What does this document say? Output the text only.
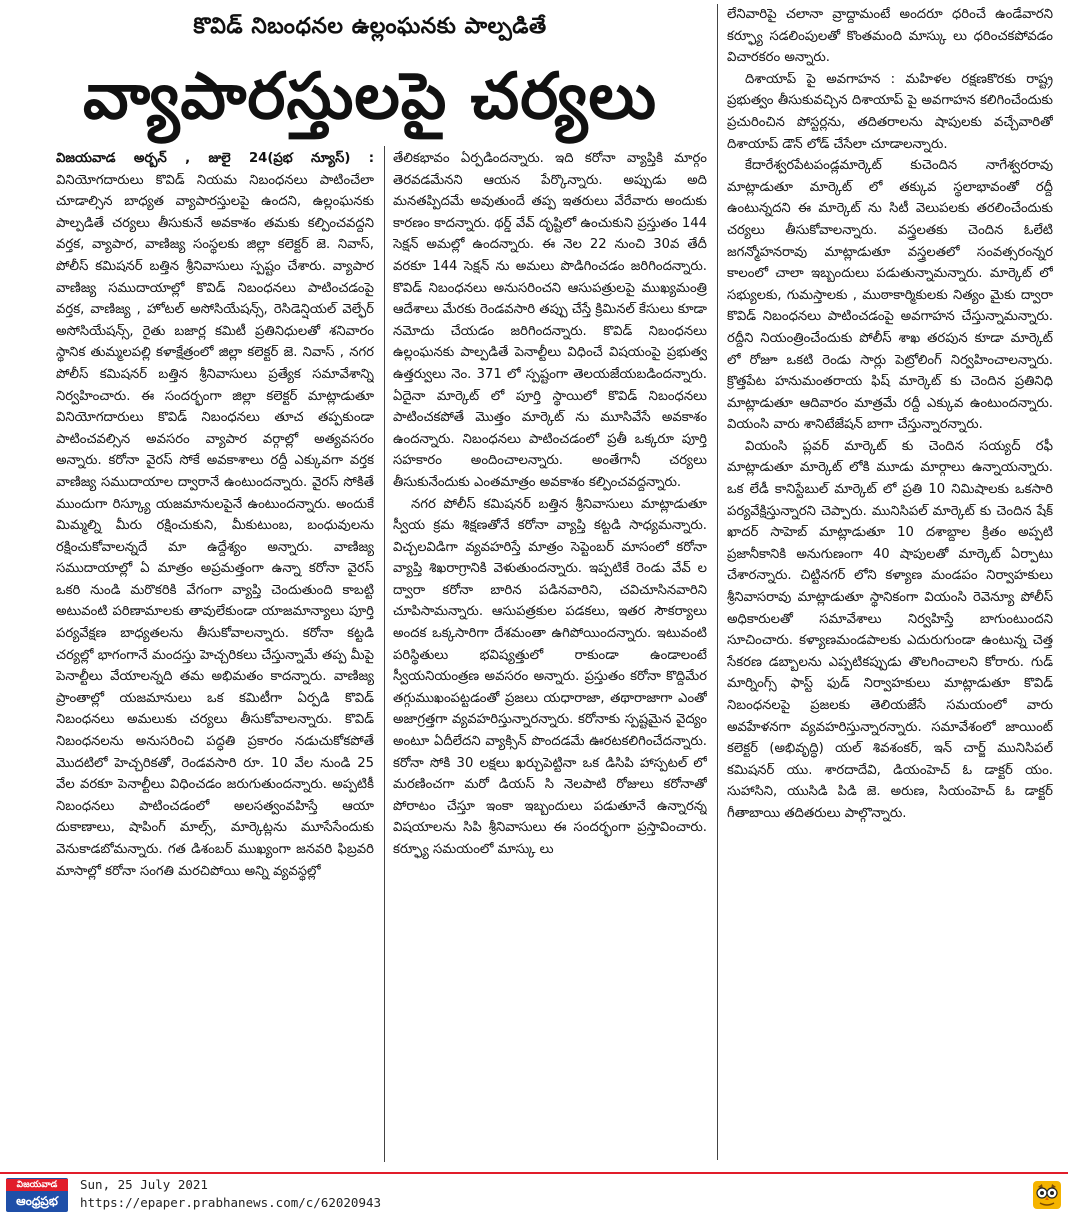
కొవిడ్ నిబంధనల ఉల్లంఘనకు పాల్పడితే
వ్యాపారస్తులపై చర్యలు

విజయవాడ అర్బన్ , జులై 24(ప్రభ న్యూస్) : వినియోగదారులు కొవిడ్ నియమ నిబంధనలు పాటించేలా చూడాల్సిన బాధ్యత వ్యాపారస్తులపై ఉందని, ఉల్లంఘనకు పాల్పడితే చర్యలు తీసుకునే అవకాశం తమకు కల్పించవద్దని వర్తక, వ్యాపార, వాణిజ్య సంస్థలకు జిల్లా కలెక్టర్ జె. నివాస్, పోలీస్ కమిషనర్ బత్తిన శ్రీనివాసులు స్పష్టం చేశారు. వ్యాపార వాణిజ్య సముదాయాల్లో కొవిడ్ నిబంధనలు పాటించడంపై వర్తక, వాణిజ్య , హోటల్ అసోసియేషన్స్, రెసిడెన్షియల్ వెల్ఫేర్ అసోసియేషన్స్, రైతు బజార్ల కమిటీ ప్రతినిధులతో శనివారం స్థానిక తుమ్మలపల్లి కళాక్షేత్రంలో జిల్లా కలెక్టర్ జె. నివాస్ , నగర పోలీస్ కమిషనర్ బత్తిన శ్రీనివాసులు ప్రత్యేక సమావేశాన్ని నిర్వహించారు. ఈ సందర్భంగా జిల్లా కలెక్టర్ మాట్లాడుతూ వినియోగదారులు కొవిడ్ నిబంధనలు తూచ తప్పకుండా పాటించవల్సిన అవసరం వ్యాపార వర్గాల్లో అత్యవసరం అన్నారు. కరోనా వైరస్ సోకే అవకాశాలు రద్దీ ఎక్కువగా వర్తక వాణిజ్య సముదాయాల ద్వారానే ఉంటుందన్నారు. వైరస్ సోకితే ముందుగా రిస్క్యూ యజమానులపైనే ఉంటుందన్నారు. అందుకే మిమ్మల్ని మీరు రక్షించుకుని, మీకుటుంబ, బంధువులను రక్షించుకోవాలన్నదే మా ఉద్దేశ్యం అన్నారు. వాణిజ్య సముదాయాల్లో ఏ మాత్రం అప్రమత్తంగా ఉన్నా కరోనా వైరస్ ఒకరి నుండి మరొకరికి వేగంగా వ్యాప్తి చెందుతుంది కాబట్టి అటువంటి పరిణామాలకు తావులేకుండా యాజమాన్యాలు పూర్తి పర్యవేక్షణ బాధ్యతలను తీసుకోవాలన్నారు. కరోనా కట్టడి చర్యల్లో భాగంగానే మందస్తు హెచ్చరికలు చేస్తున్నామే తప్ప మీపై పెనాల్టీలు వేయాలన్నది తమ అభిమతం కాదన్నారు. వాణిజ్య ప్రాంతాల్లో యజమానులు ఒక కమిటీగా ఏర్పడి కొవిడ్ నిబంధనలు అమలుకు చర్యలు తీసుకోవాలన్నారు. కొవిడ్ నిబంధనలను అనుసరించి పద్ధతి ప్రకారం నడుచుకోకపోతే మొదటిలో హెచ్చరికతో, రెండవసారి రూ. 10 వేల నుండి 25 వేల వరకూ పెనాల్టీలు విధించడం జరుగుతుందన్నారు. అప్పటికీ నిబంధనలు పాటించడంలో అలసత్వంవహిస్తే ఆయా దుకాణాలు, షాపింగ్ మాల్స్, మార్కెట్లను మూసేసేందుకు వెనుకాడబోమన్నారు. గత డిశంబర్ ముఖ్యంగా జనవరి ఫిబ్రవరి మాసాల్లో కరోనా సంగతి మరచిపోయి అన్ని వ్యవస్థల్లో

తేలికభావం ఏర్పడిందన్నారు. ఇది కరోనా వ్యాప్తికి మార్గం తెరవడమేనని ఆయన పేర్కొన్నారు. అప్పుడు అది మనతప్పిదమే అవుతుందే తప్ప ఇతరులు వేరేవారు అందుకు కారణం కాదన్నారు. థర్డ్ వేవ్ దృష్టిలో ఉంచుకుని ప్రస్తుతం 144 సెక్షన్ అమల్లో ఉందన్నారు. ఈ నెల 22 నుంచి 30వ తేదీ వరకూ 144 సెక్షన్ ను అమలు పొడిగించడం జరిగిందన్నారు. కొవిడ్ నిబంధనలు అనుసరించని ఆసుపత్రులపై ముఖ్యమంత్రి ఆదేశాలు మేరకు రెండవసారి తప్పు చేస్తే క్రిమినల్ కేసులు కూడా నమోదు చేయడం జరిగిందన్నారు. కొవిడ్ నిబంధనలు ఉల్లంఘనకు పాల్పడితే పెనాల్టీలు విధించే విషయంపై ప్రభుత్వ ఉత్తర్వులు నెం. 371 లో స్పష్టంగా తెలయజేయబడిందన్నారు. ఏదైనా మార్కెట్ లో పూర్తి స్థాయిలో కొవిడ్ నిబంధనలు పాటించకపోతే మొత్తం మార్కెట్ ను మూసివేసే అవకాశం ఉందన్నారు. నిబంధనలు పాటించడంలో ప్రతీ ఒక్కరూ పూర్తి సహకారం అందించాలన్నారు. అంతేగానీ చర్యలు తీసుకునేందుకు ఎంతమాత్రం అవకాశం కల్పించవద్దన్నారు.

నగర పోలీస్ కమిషనర్ బత్తిన శ్రీనివాసులు మాట్లాడుతూ స్వీయ క్రమ శిక్షణతోనే కరోనా వ్యాప్తి కట్టడి సాధ్యమన్నారు. విచ్చలవిడిగా వ్యవహరిస్తే మాత్రం సెప్టెంబర్ మాసంలో కరోనా వ్యాప్తి శిఖరాగ్రానికి వెళుతుందన్నారు. ఇప్పటికే రెండు వేవ్ ల ద్వారా కరోనా బారిన పడినవారిని, చవిచూసినవారిని చూపిసామన్నారు. ఆసుపత్రకుల పడకలు, ఇతర సౌకర్యాలు అందక ఒక్కసారిగా దేశమంతా ఉగిపోయిందన్నారు. ఇటువంటి పరిస్థితులు భవిష్యత్తులో రాకుండా ఉండాలంటే స్వీయనియంత్రణ అవసరం అన్నారు. ప్రస్తుతం కరోనా కొద్దిమేర తగ్గుముఖంపట్టడంతో ప్రజలు యధారాజా, తథారాజాగా ఎంతో అజాగ్రత్తగా వ్యవహరిస్తున్నారన్నారు. కరోనాకు స్పష్టమైన వైద్యం అంటూ ఏదీలేదని వ్యాక్సిన్ పొందడమే ఊరటకలిగించేదన్నారు. కరోనా సోకి 30 లక్షలు ఖర్చుపెట్టినా ఒక డిసిపి హాస్పటల్ లో మరణించగా మరో డియస్ సి నెలపాటి రోజులు కరోనాతో పోరాటం చేస్తూ ఇంకా ఇబ్బందులు పడుతూనే ఉన్నారన్న విషయాలను సిపి శ్రీనివాసులు ఈ సందర్భంగా ప్రస్తావించారు. కర్ఫ్యూ సమయంలో మాస్కు లు

లేనివారిపై చలానా వ్రాద్దామంటే అందరూ ధరించే ఉండేవారని కర్ఫ్యూ సడలింపులతో కొంతమంది మాస్కు లు ధరించకపోవడం విచారకరం అన్నారు.

దిశాయాప్ పై అవగాహన : మహిళల రక్షణకొరకు రాష్ట్ర ప్రభుత్వం తీసుకువచ్చిన దిశాయాప్ పై అవగాహన కలిగించేందుకు ప్రచురించిన పోస్టర్లను, తదితరాలను షాపులకు వచ్చేవారితో దిశాయాప్ డౌన్ లోడ్ చేసేలా చూడాలన్నారు.

కేదారేశ్వరపేటపండ్లమార్కెట్ కుచెందిన నాగేశ్వరరావు మాట్లాడుతూ మార్కెట్ లో తక్కువ స్థలాభావంతో రద్దీ ఉంటున్నదని ఈ మార్కెట్ ను సిటీ వెలుపలకు తరలించేందుకు చర్యలు తీసుకోవాలన్నారు. వస్త్రలతకు చెందిన ఓలేటి జగన్మోహనరావు మాట్లాడుతూ వస్త్రలతలో సంవత్సరంన్నర కాలంలో చాలా ఇబ్బందులు పడుతున్నామన్నారు. మార్కెట్ లో సభ్యులకు, గుమస్తాలకు , ముఠాకార్మికులకు నిత్యం మైకు ద్వారా కొవిడ్ నిబంధనలు పాటించడంపై అవగాహన చేస్తున్నామన్నారు. రద్దీని నియంత్రించేందుకు పోలీస్ శాఖ తరపున కూడా మార్కెట్ లో రోజూ ఒకటి రెండు సార్లు పెట్రోలింగ్ నిర్వహించాలన్నారు. క్రొత్తపేట హనుమంతరాయ ఫిష్ మార్కెట్ కు చెందిన ప్రతినిధి మాట్లాడుతూ ఆదివారం మాత్రమే రద్దీ ఎక్కువ ఉంటుందన్నారు. వియంసి వారు శానిటేజేషన్ బాగా చేస్తున్నారన్నారు.

వియంసి ప్లవర్ మార్కెట్ కు చెందిన సయ్యద్ రఫీ మాట్లాడుతూ మార్కెట్ లోకి మూడు మార్గాలు ఉన్నాయన్నారు. ఒక లేడీ కానిస్టేబుల్ మార్కెట్ లో ప్రతి 10 నిమిషాలకు ఒకసారి పర్యవేక్షిస్తున్నారని చెప్పారు. మునిసిపల్ మార్కెట్ కు చెందిన షేక్ ఖాదర్ సాహెబ్ మాట్లాడుతూ 10 దశాబ్దాల క్రితం అప్పటి ప్రజానీకానికి అనుగుణంగా 40 షాపులతో మార్కెట్ ఏర్పాటు చేశారన్నారు. చిట్టినగర్ లోని కళ్యాణ మండపం నిర్వాహకులు శ్రీనివాసరావు మాట్లాడుతూ స్థానికంగా వియంసి రెవెన్యూ పోలీస్ అధికారులతో సమావేశాలు నిర్వహిస్తే బాగుంటుందని సూచించారు. కళ్యాణమండపాలకు ఎదురుగుండా ఉంటున్న చెత్త సేకరణ డబ్బాలను ఎప్పటికప్పుడు తొలగించాలని కోరారు. గుడ్ మార్నింగ్స్ ఫాస్ట్ ఫుడ్ నిర్వాహకులు మాట్లాడుతూ కొవిడ్ నిబంధనలపై ప్రజలకు తెలియజేసే సమయంలో వారు అవహేళనగా వ్యవహరిస్తున్నారన్నారు. సమావేశంలో జాయింట్ కలెక్టర్ (అభివృద్ధి) యల్ శివశంకర్, ఇన్ చార్జ్ మునిసిపల్ కమిషనర్ యు. శారదాదేవి, డియంహెచ్ ఓ డాక్టర్ యం. సుహాసిని, యుసిడి పిడి జె. అరుణ, సియంహెచ్ ఓ డాక్టర్ గీతాబాయి తదితరులు పాల్గొన్నారు.

విజయవాడ
ఆంధ్రప్రభ
Sun, 25 July 2021
https://epaper.prabhanews.com/c/62020943
